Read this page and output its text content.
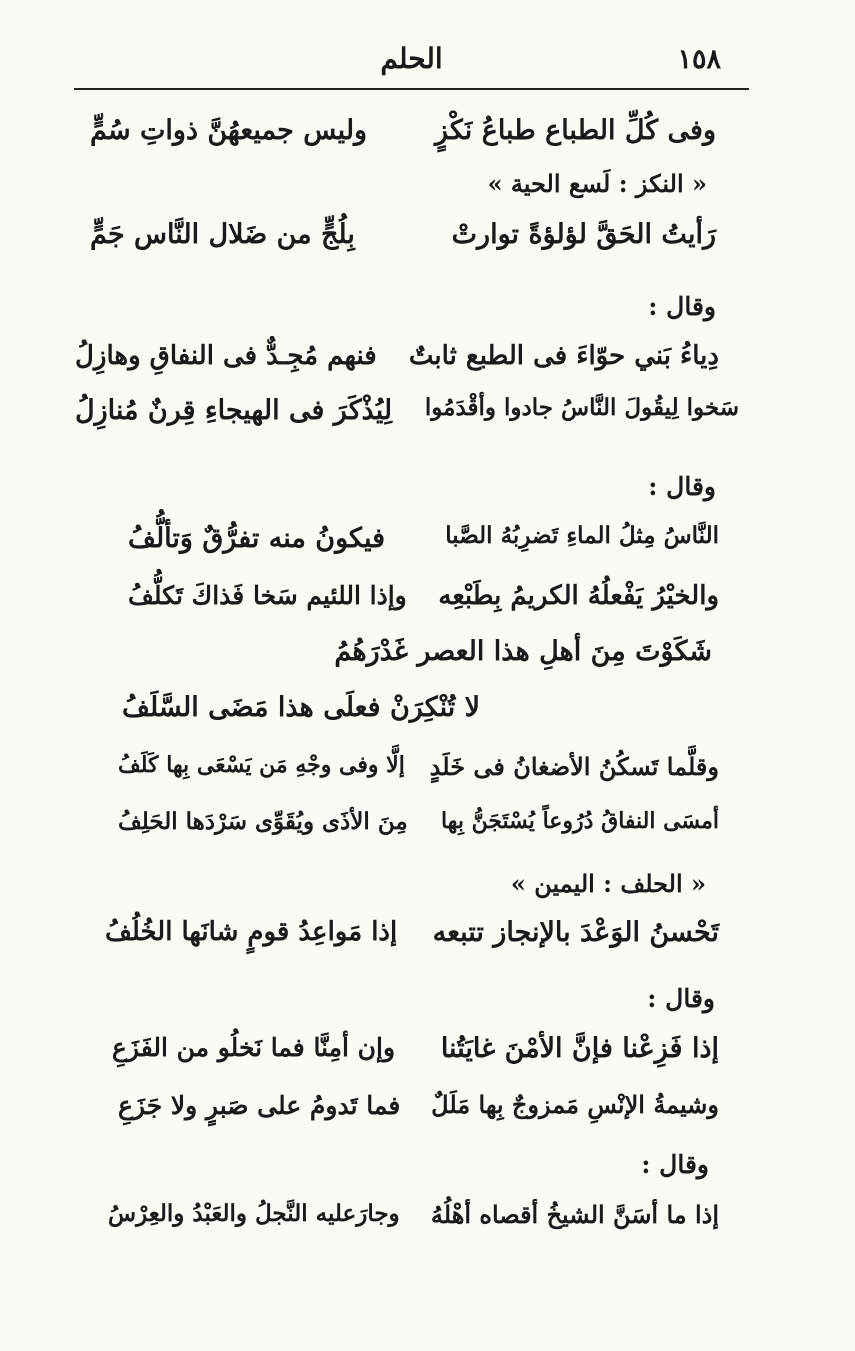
١٥٨
الحلم
وفى كُلِّ الطباع طباعُ نَكْزٍ
وليس جميعهُنَّ ذواتِ سُمٍّ
« النكز : لَسع الحية »
رَأيتُ الحَقَّ لؤلؤةً توارتْ
بِلُجٍّ من ضَلال النَّاس جَمٍّ
وقال :
دِياءُ بَني حوّاءَ فى الطبع ثابتٌ
فنهم مُجِـدٌّ فى النفاقِ وهازِلُ
سَخوا لِيقُولَ النَّاسُ جادوا وأقْدَمُوا
لِيُذْكَرَ فى الهيجاءِ قِرنٌ مُنازِلُ
وقال :
النَّاسُ مِثلُ الماءِ تَضرِبُهُ الصَّبا
فيكونُ منه تفرُّقٌ وَتألُّفُ
والخيْرُ يَفْعلُهُ الكريمُ بِطَبْعِه
وإذا اللئيم سَخا فَذاكَ تَكلُّفُ
شَكَوْتَ مِنَ أهلِ هذا العصر غَدْرَهُمُ
لا تُنْكِرَنْ فعلَى هذا مَضَى السَّلَفُ
وقلَّما تَسكُنُ الأضغانُ فى خَلَدٍ
إلَّا وفى وجْهِ مَن يَسْعَى بِها كَلَفُ
أمسَى النفاقُ دُرُوعاً يُسْتَجَنُّ بِها
مِنَ الأذَى ويُقَوِّى سَرْدَها الحَلِفُ
« الحلف : اليمين »
تَحْسنُ الوَعْدَ بالإنجاز تتبعه
إذا مَواعِدُ قومٍ شانَها الخُلُفُ
وقال :
إذا فَزِعْنا فإنَّ الأمْنَ غايَتُنا
وإن أمِنَّا فما نَخلُو من الفَزَعِ
وشيمةُ الإنْسِ مَمزوجٌ بِها مَلَلٌ
فما تَدومُ على صَبرٍ ولا جَزَعِ
وقال :
إذا ما أسَنَّ الشيخُ أقصاه أهْلُهُ
وجارَعليه النَّجلُ والعَبْدُ والعِرْسُ
